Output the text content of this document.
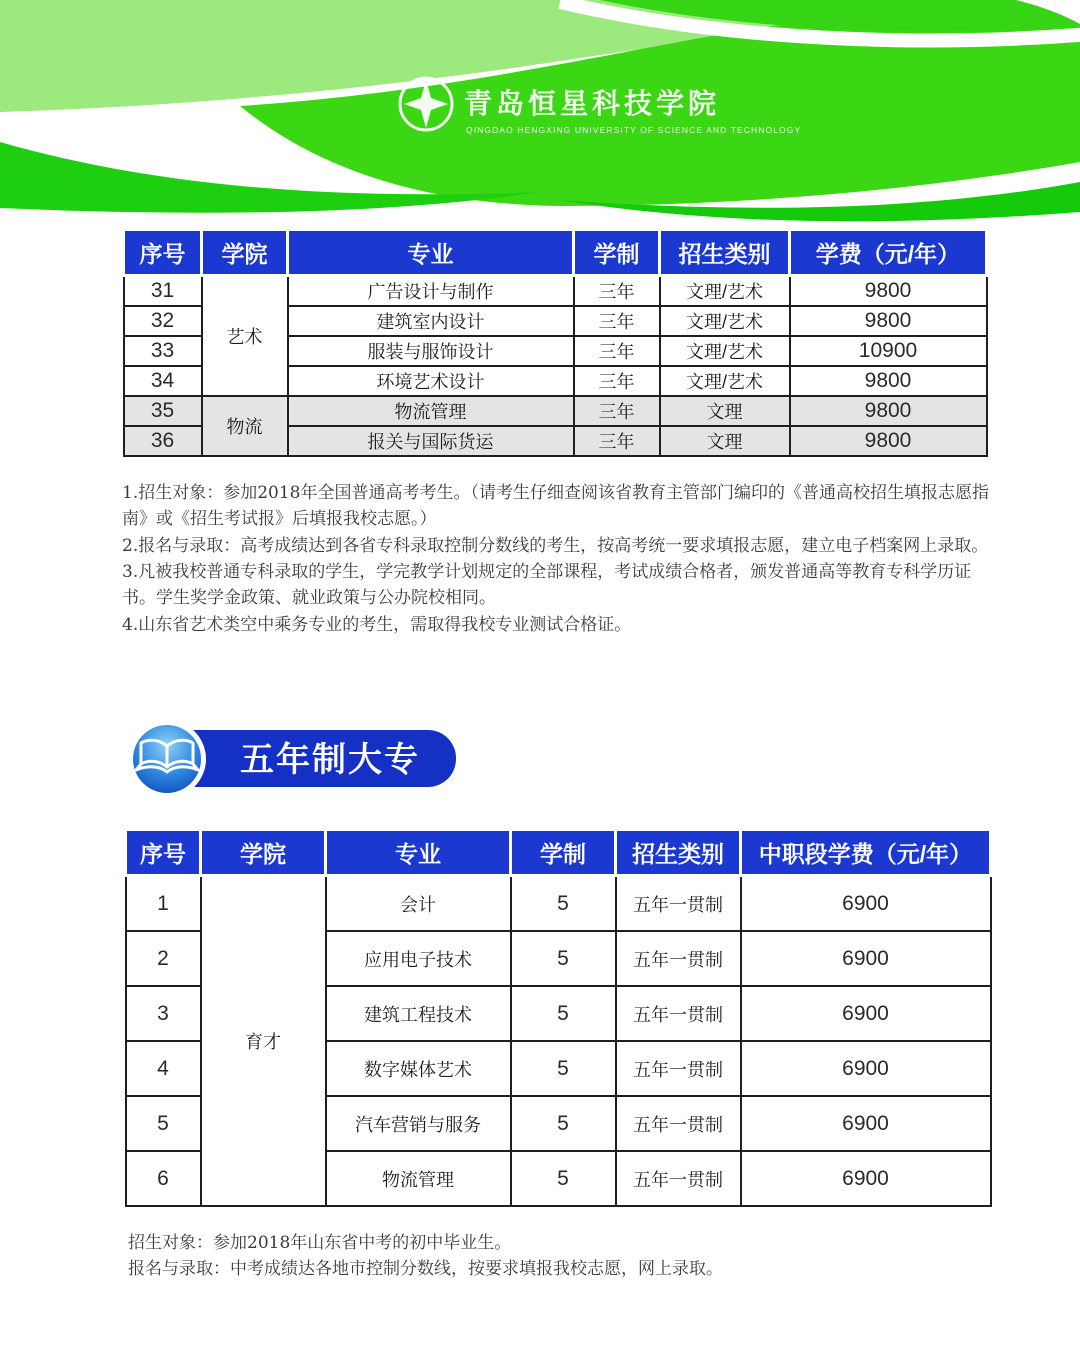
青岛恒星科技学院
QINGDAO HENGXING UNIVERSITY OF SCIENCE AND TECHNOLOGY
序号	学院	专业	学制	招生类别	学费（元/年）
31	艺术	广告设计与制作	三年	文理/艺术	9800
32		建筑室内设计	三年	文理/艺术	9800
33		服装与服饰设计	三年	文理/艺术	10900
34		环境艺术设计	三年	文理/艺术	9800
35	物流	物流管理	三年	文理	9800
36		报关与国际货运	三年	文理	9800

1.招生对象：参加2018年全国普通高考考生。（请考生仔细查阅该省教育主管部门编印的《普通高校招生填报志愿指南》或《招生考试报》后填报我校志愿。）

2.报名与录取：高考成绩达到各省专科录取控制分数线的考生，按高考统一要求填报志愿，建立电子档案网上录取。

3.凡被我校普通专科录取的学生，学完教学计划规定的全部课程，考试成绩合格者，颁发普通高等教育专科学历证书。学生奖学金政策、就业政策与公办院校相同。

4.山东省艺术类空中乘务专业的考生，需取得我校专业测试合格证。

五年制大专
序号	学院	专业	学制	招生类别	中职段学费（元/年）
1	育才	会计	5	五年一贯制	6900
2		应用电子技术	5	五年一贯制	6900
3		建筑工程技术	5	五年一贯制	6900
4		数字媒体艺术	5	五年一贯制	6900
5		汽车营销与服务	5	五年一贯制	6900
6		物流管理	5	五年一贯制	6900

招生对象：参加2018年山东省中考的初中毕业生。

报名与录取：中考成绩达各地市控制分数线，按要求填报我校志愿，网上录取。
